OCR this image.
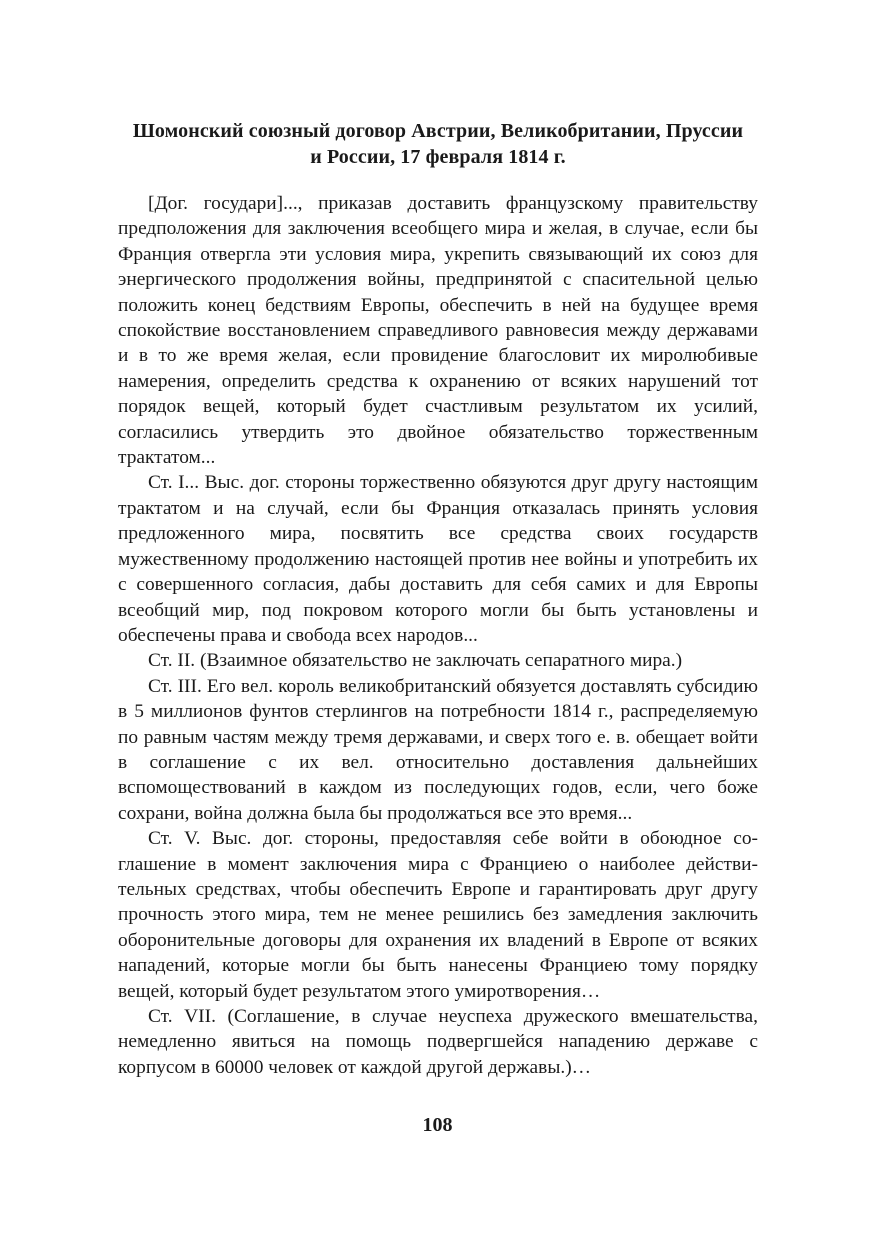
Шомонский союзный договор Австрии, Великобритании, Пруссии
и России, 17 февраля 1814 г.

[Дог. государи]..., приказав доставить французскому правительству предположения для заключения всеобщего мира и желая, в случае, если бы Франция отвергла эти условия мира, укрепить связывающий их союз для энергического продолжения войны, предпринятой с спасительной целью положить конец бедствиям Европы, обеспечить в ней на будущее время спокойствие восстановлением справедливого равновесия между державами и в то же время желая, если провидение благословит их миролюбивые намерения, определить средства к охранению от всяких нарушений тот порядок вещей, который будет счастливым результатом их усилий, согласились утвердить это двойное обязательство торжественным трактатом...

Ст. I... Выс. дог. стороны торжественно обязуются друг другу настоящим трактатом и на случай, если бы Франция отказалась принять условия предложенного мира, посвятить все средства своих государств мужественному продолжению настоящей против нее войны и употребить их с совершенного согласия, дабы доставить для себя самих и для Европы всеобщий мир, под покровом которого могли бы быть установлены и обеспечены права и свобода всех народов...

Ст. II. (Взаимное обязательство не заключать сепаратного мира.)

Ст. III. Его вел. король великобританский обязуется доставлять субсидию в 5 миллионов фунтов стерлингов на потребности 1814 г., распределяемую по равным частям между тремя державами, и сверх того е. в. обещает войти в соглашение с их вел. относительно доставления дальнейших вспомоществований в каждом из последующих годов, если, чего боже сохрани, война должна была бы продолжаться все это время...

Ст. V. Выс. дог. стороны, предоставляя себе войти в обоюдное соглашение в момент заключения мира с Франциею о наиболее действительных средствах, чтобы обеспечить Европе и гарантировать друг другу прочность этого мира, тем не менее решились без замедления заключить оборонительные договоры для охранения их владений в Европе от всяких нападений, которые могли бы быть нанесены Франциею тому порядку вещей, который будет результатом этого умиротворения…

Ст. VII. (Соглашение, в случае неуспеха дружеского вмешательства, немедленно явиться на помощь подвергшейся нападению державе с корпусом в 60000 человек от каждой другой державы.)…

108
